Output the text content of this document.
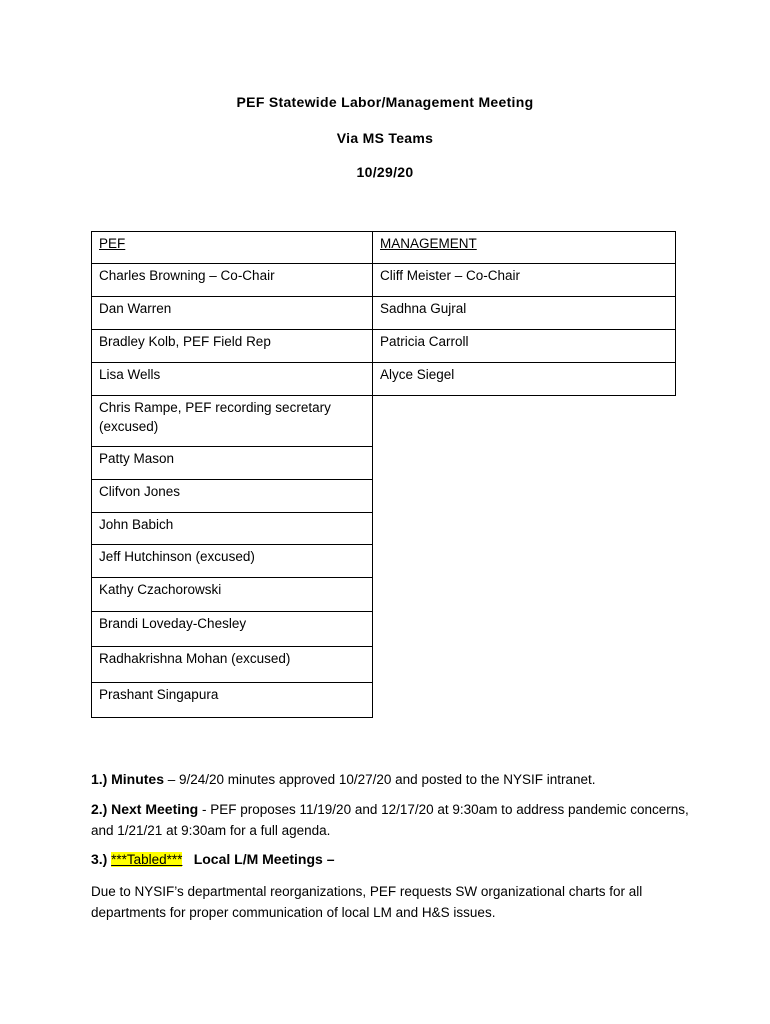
PEF Statewide Labor/Management Meeting
Via MS Teams
10/29/20
PEF	MANAGEMENT
Charles Browning – Co-Chair	Cliff Meister – Co-Chair
Dan Warren	Sadhna Gujral
Bradley Kolb, PEF Field Rep	Patricia Carroll
Lisa Wells	Alyce Siegel
Chris Rampe, PEF recording secretary (excused)	
Patty Mason	
Clifvon Jones	
John Babich	
Jeff Hutchinson (excused)	
Kathy Czachorowski	
Brandi Loveday-Chesley	
Radhakrishna Mohan (excused)	
Prashant Singapura	
1.) Minutes – 9/24/20 minutes approved 10/27/20 and posted to the NYSIF intranet.
2.) Next Meeting - PEF proposes 11/19/20 and 12/17/20 at 9:30am to address pandemic concerns, and 1/21/21 at 9:30am for a full agenda.
3.) ***Tabled*** Local L/M Meetings –
Due to NYSIF’s departmental reorganizations, PEF requests SW organizational charts for all departments for proper communication of local LM and H&S issues.
